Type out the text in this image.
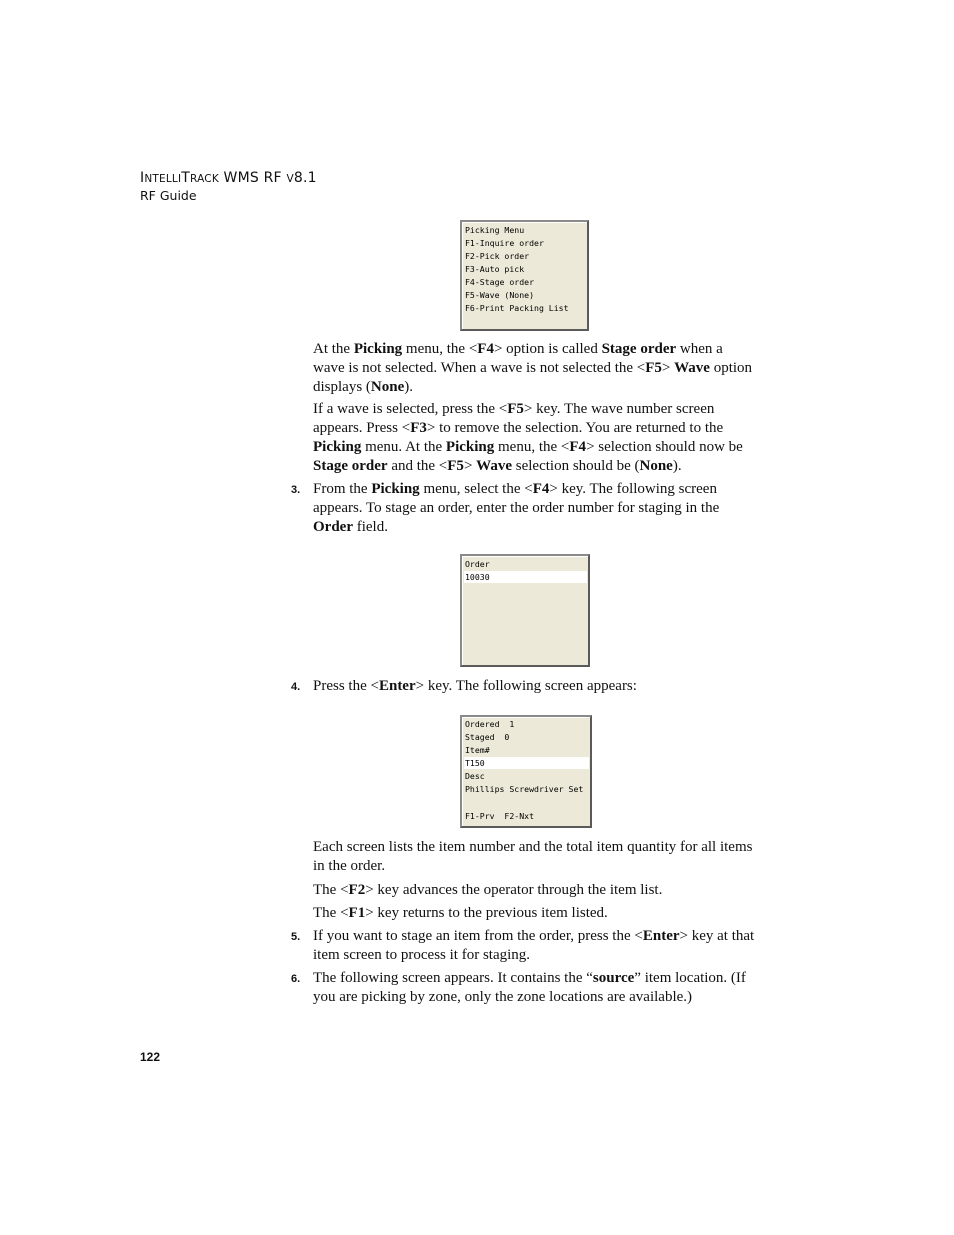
INTELLITRACK WMS RF V8.1
RF Guide
Picking Menu
F1-Inquire order
F2-Pick order
F3-Auto pick
F4-Stage order
F5-Wave (None)
F6-Print Packing List

At the Picking menu, the <F4> option is called Stage order when a wave is not selected. When a wave is not selected the <F5> Wave option displays (None).

If a wave is selected, press the <F5> key. The wave number screen appears. Press <F3> to remove the selection. You are returned to the Picking menu. At the Picking menu, the <F4> selection should now be Stage order and the <F5> Wave selection should be (None).

3. From the Picking menu, select the <F4> key. The following screen appears. To stage an order, enter the order number for staging in the Order field.

Order
10030
4. Press the <Enter> key. The following screen appears:

Ordered  1
Staged  0
Item#
T150
Desc
Phillips Screwdriver Set
F1-Prv  F2-Nxt

Each screen lists the item number and the total item quantity for all items in the order.

The <F2> key advances the operator through the item list.

The <F1> key returns to the previous item listed.

5. If you want to stage an item from the order, press the <Enter> key at that item screen to process it for staging.

6. The following screen appears. It contains the “source” item location. (If you are picking by zone, only the zone locations are available.)

122
